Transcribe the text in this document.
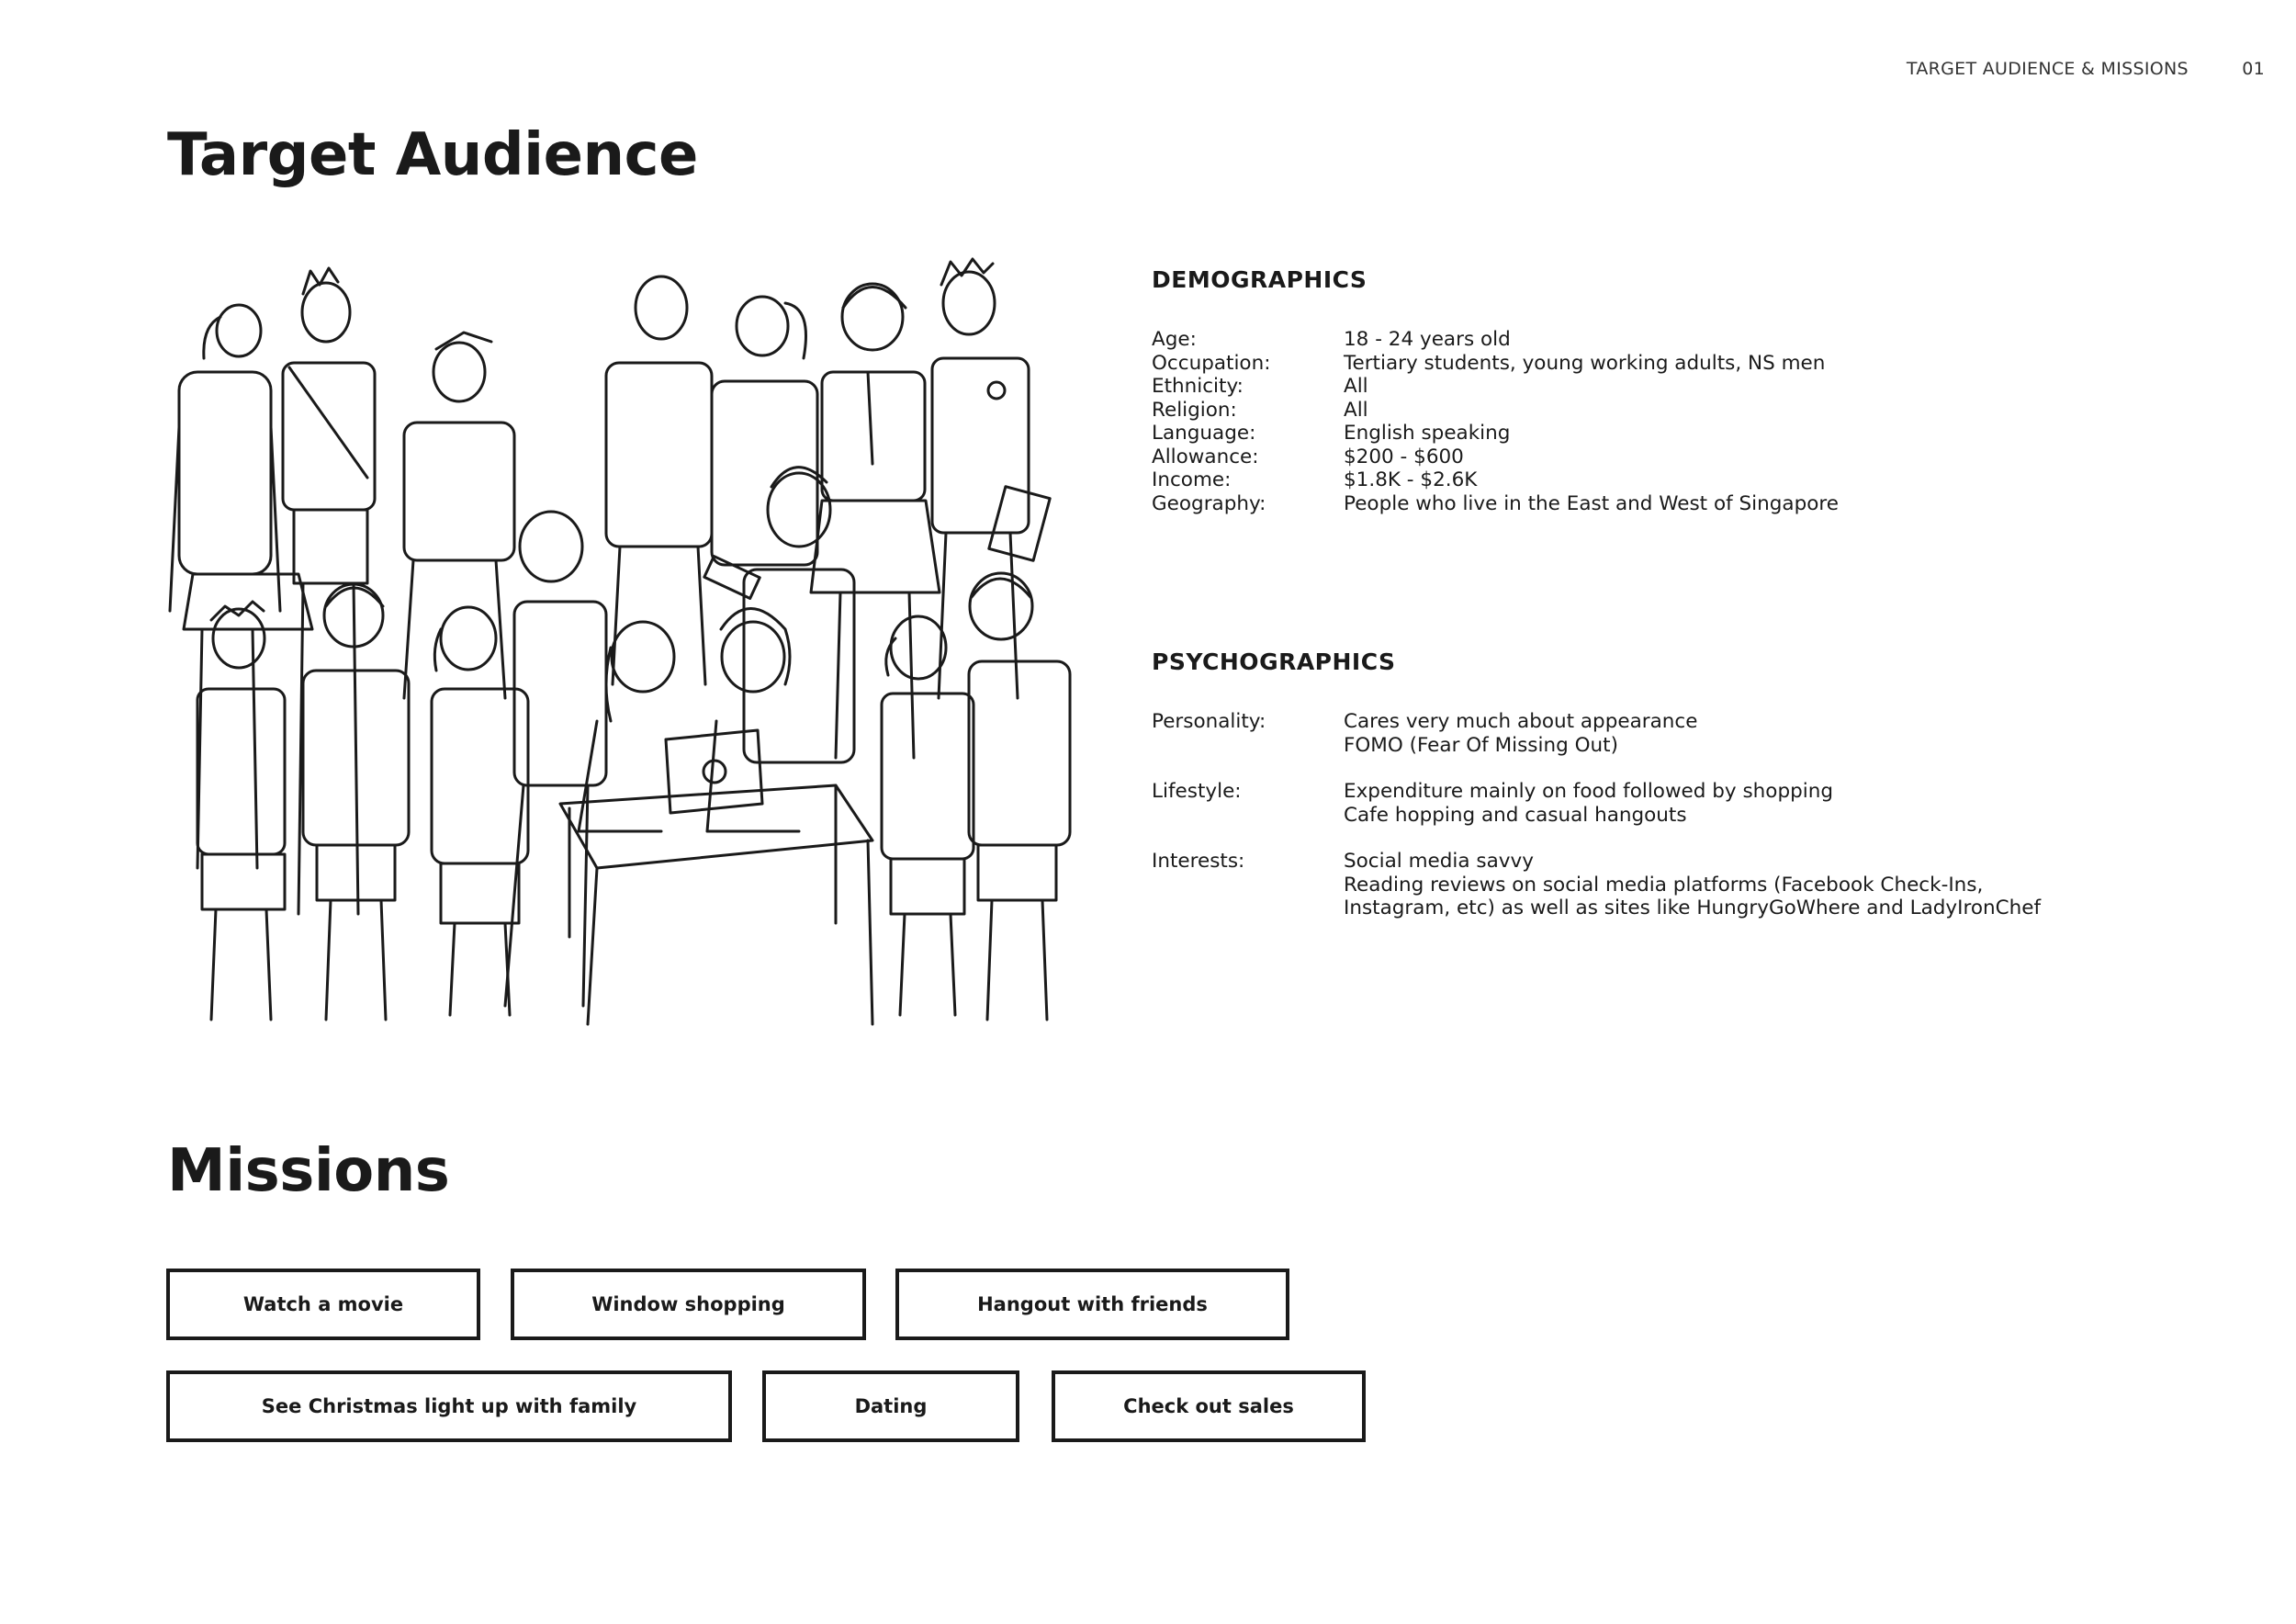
TARGET AUDIENCE & MISSIONS	01
Target Audience
DEMOGRAPHICS
Age:	18 - 24 years old
Occupation:	Tertiary students, young working adults, NS men
Ethnicity:	All
Religion:	All
Language:	English speaking
Allowance:	$200 - $600
Income:	$1.8K - $2.6K
Geography:	People who live in the East and West of Singapore
PSYCHOGRAPHICS
Personality:	Cares very much about appearance
FOMO (Fear Of Missing Out)
Lifestyle:	Expenditure mainly on food followed by shopping
Cafe hopping and casual hangouts
Interests:	Social media savvy
Reading reviews on social media platforms (Facebook Check-Ins,
Instagram, etc) as well as sites like HungryGoWhere and LadyIronChef
Missions
Watch a movie	Window shopping	Hangout with friends
See Christmas light up with family	Dating	Check out sales
